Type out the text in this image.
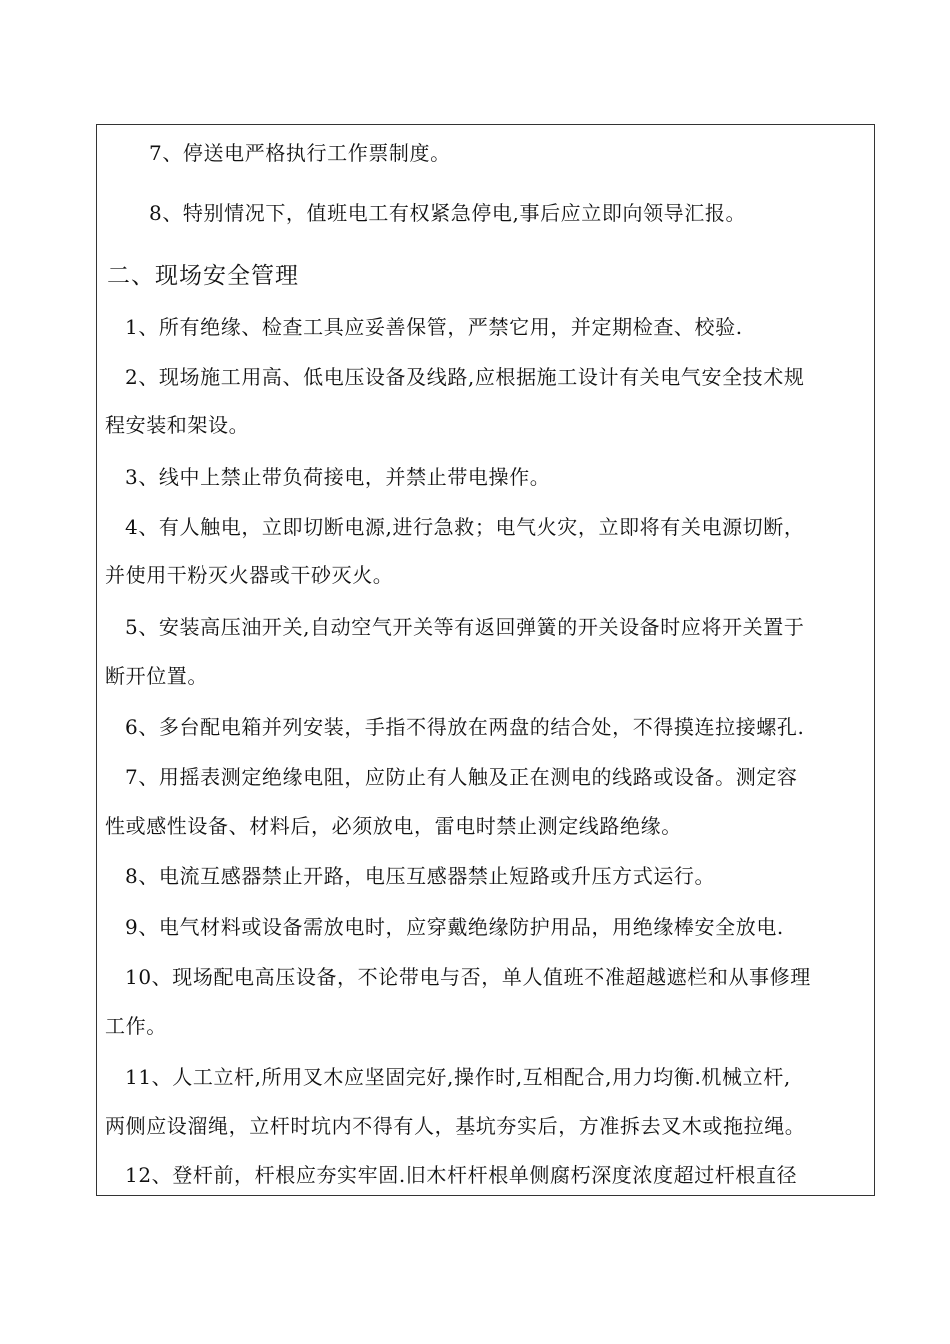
7、停送电严格执行工作票制度。
8、特别情况下，值班电工有权紧急停电,事后应立即向领导汇报。
二、现场安全管理
1、所有绝缘、检查工具应妥善保管，严禁它用，并定期检查、校验.
2、现场施工用高、低电压设备及线路,应根据施工设计有关电气安全技术规
程安装和架设。
3、线中上禁止带负荷接电，并禁止带电操作。
4、有人触电，立即切断电源,进行急救；电气火灾，立即将有关电源切断，
并使用干粉灭火器或干砂灭火。
5、安装高压油开关,自动空气开关等有返回弹簧的开关设备时应将开关置于
断开位置。
6、多台配电箱并列安装，手指不得放在两盘的结合处，不得摸连拉接螺孔.
7、用摇表测定绝缘电阻，应防止有人触及正在测电的线路或设备。测定容
性或感性设备、材料后，必须放电，雷电时禁止测定线路绝缘。
8、电流互感器禁止开路，电压互感器禁止短路或升压方式运行。
9、电气材料或设备需放电时，应穿戴绝缘防护用品，用绝缘棒安全放电.
10、现场配电高压设备，不论带电与否，单人值班不准超越遮栏和从事修理
工作。
11、人工立杆,所用叉木应坚固完好,操作时,互相配合,用力均衡.机械立杆,
两侧应设溜绳，立杆时坑内不得有人，基坑夯实后，方准拆去叉木或拖拉绳。
12、登杆前，杆根应夯实牢固.旧木杆杆根单侧腐朽深度浓度超过杆根直径
